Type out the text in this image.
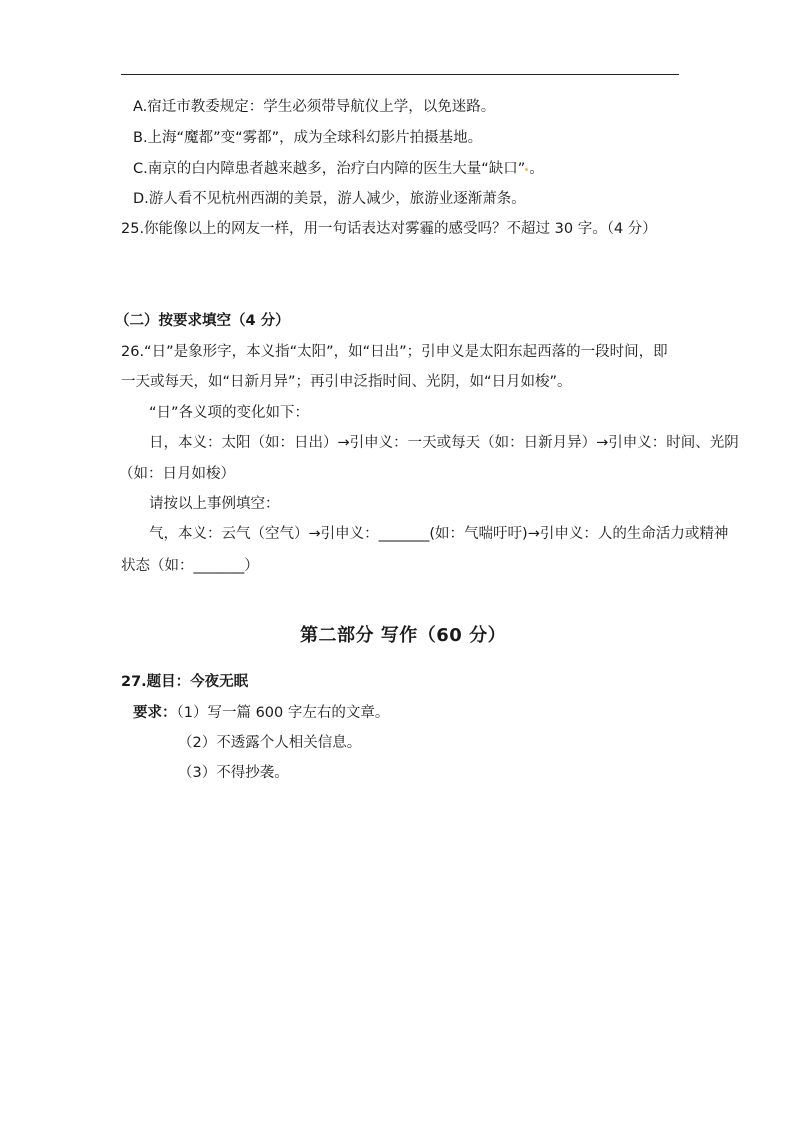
A.宿迁市教委规定：学生必须带导航仪上学，以免迷路。
B.上海“魔都”变“雾都”，成为全球科幻影片拍摄基地。
C.南京的白内障患者越来越多，治疗白内障的医生大量“缺口” 。
D.游人看不见杭州西湖的美景，游人减少，旅游业逐渐萧条。
25.你能像以上的网友一样，用一句话表达对雾霾的感受吗？不超过 30 字。（4 分）
（二）按要求填空（4 分）
26.“日”是象形字，本义指“太阳”，如“日出”；引申义是太阳东起西落的一段时间，即
一天或每天，如“日新月异”；再引申泛指时间、光阴，如“日月如梭”。
“日”各义项的变化如下：
日，本义：太阳（如：日出）→引申义：一天或每天（如：日新月异）→引申义：时间、光阴
（如：日月如梭）
请按以上事例填空：
气，本义：云气（空气）→引申义：_______(如：气喘吁吁)→引申义：人的生命活力或精神
状态（如：_______）
第二部分 写作（60 分）
27.题目：今夜无眠
要求：（1）写一篇 600 字左右的文章。
（2）不透露个人相关信息。
（3）不得抄袭。
